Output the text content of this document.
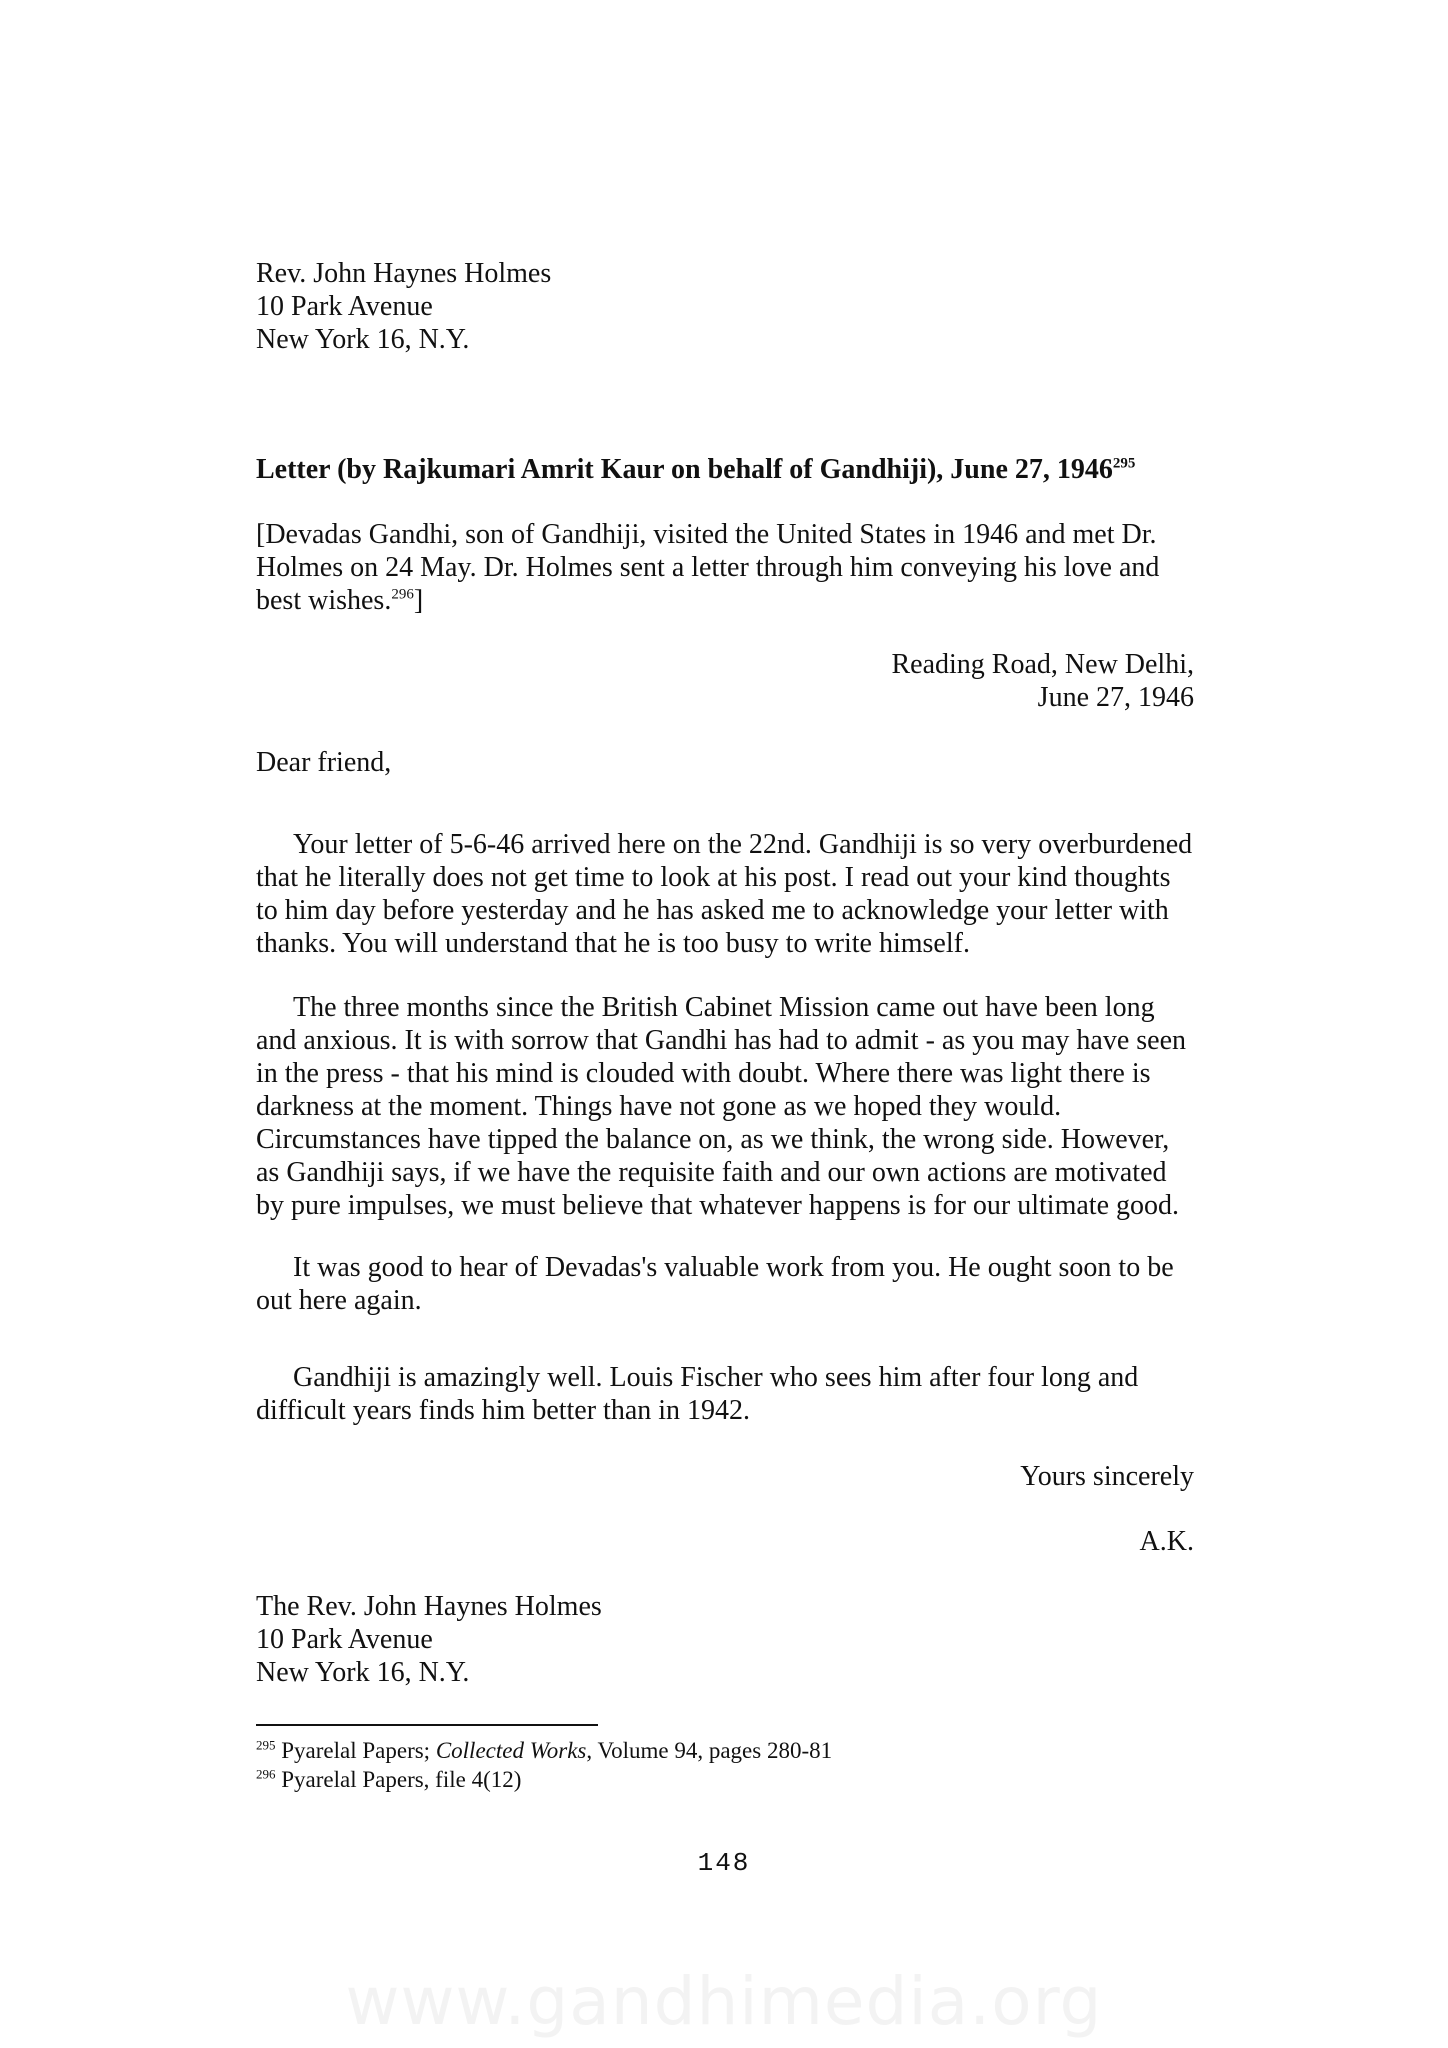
Rev. John Haynes Holmes

10 Park Avenue

New York 16, N.Y.

Letter (by Rajkumari Amrit Kaur on behalf of Gandhiji), June 27, 1946$^{295}$
[Devadas Gandhi, son of Gandhiji, visited the United States in 1946 and met Dr. Holmes on 24 May. Dr. Holmes sent a letter through him conveying his love and best wishes.$^{296}$]

Reading Road, New Delhi,

June 27, 1946

Dear friend,
Your letter of 5-6-46 arrived here on the 22nd. Gandhiji is so very overburdened that he literally does not get time to look at his post. I read out your kind thoughts to him day before yesterday and he has asked me to acknowledge your letter with thanks. You will understand that he is too busy to write himself.
The three months since the British Cabinet Mission came out have been long and anxious. It is with sorrow that Gandhi has had to admit - as you may have seen in the press - that his mind is clouded with doubt. Where there was light there is darkness at the moment. Things have not gone as we hoped they would. Circumstances have tipped the balance on, as we think, the wrong side. However, as Gandhiji says, if we have the requisite faith and our own actions are motivated by pure impulses, we must believe that whatever happens is for our ultimate good.
It was good to hear of Devadas's valuable work from you. He ought soon to be out here again.
Gandhiji is amazingly well. Louis Fischer who sees him after four long and difficult years finds him better than in 1942.
Yours sincerely
A.K.

The Rev. John Haynes Holmes

10 Park Avenue

New York 16, N.Y.

$^{295}$ Pyarelal Papers; Collected Works, Volume 94, pages 280-81

$^{296}$ Pyarelal Papers, file 4(12)

148
www.gandhimedia.org
